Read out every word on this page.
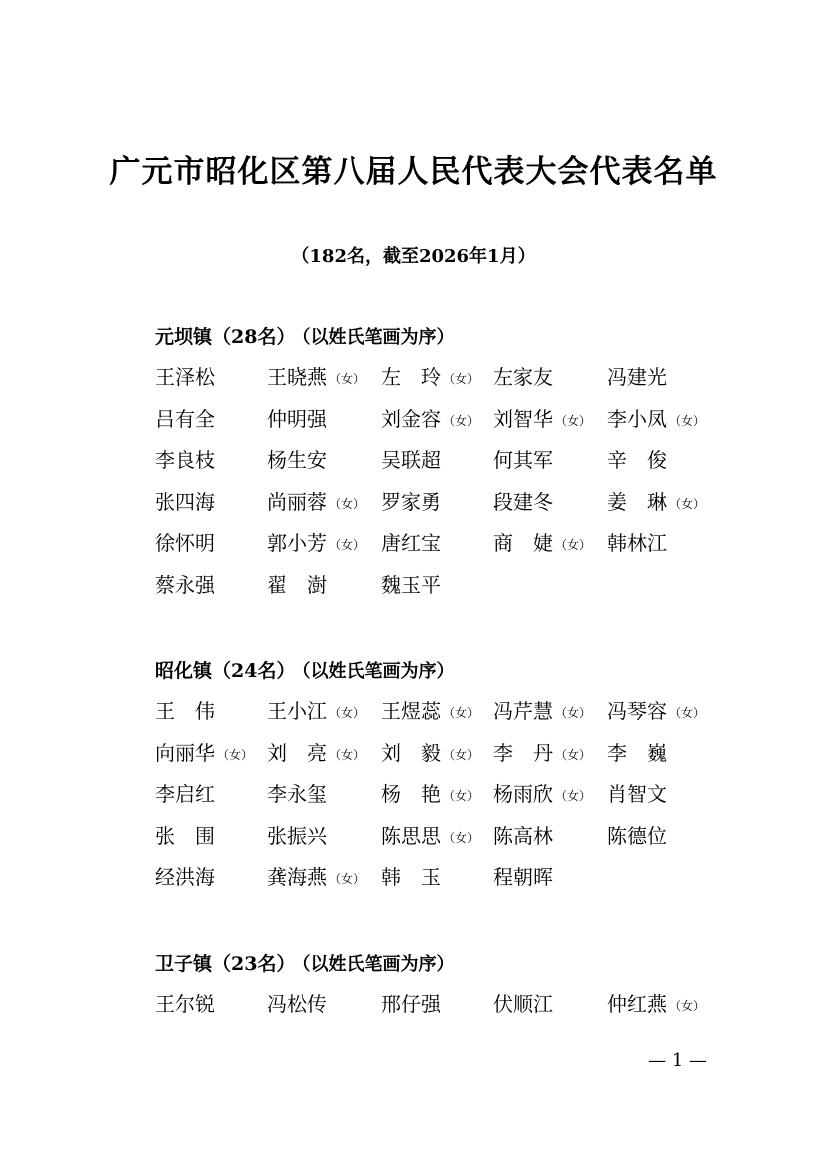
广元市昭化区第八届人民代表大会代表名单
（182名，截至2026年1月）
元坝镇（28名） （以姓氏笔画为序）
王泽松	王晓燕 （女） 左　玲 （女） 左家友	冯建光
吕有全	仲明强	刘金容 （女） 刘智华 （女） 李小凤 （女）
李良枝	杨生安	吴联超	何其军	辛　俊
张四海	尚丽蓉 （女） 罗家勇	段建冬	姜　琳 （女）
徐怀明	郭小芳 （女） 唐红宝	商　婕 （女） 韩林江
蔡永强	翟　澍	魏玉平
昭化镇（24名） （以姓氏笔画为序）
王　伟	王小江 （女） 王煜蕊 （女） 冯芹慧 （女） 冯琴容 （女）
向丽华 （女） 刘　亮 （女） 刘　毅 （女） 李　丹 （女） 李　巍
李启红	李永玺	杨　艳 （女） 杨雨欣 （女） 肖智文
张　围	张振兴	陈思思 （女） 陈高林	陈德位
经洪海	龚海燕 （女） 韩　玉	程朝晖
卫子镇（23名） （以姓氏笔画为序）
王尔锐	冯松传	邢仔强	伏顺江	仲红燕 （女）
— 1 —
